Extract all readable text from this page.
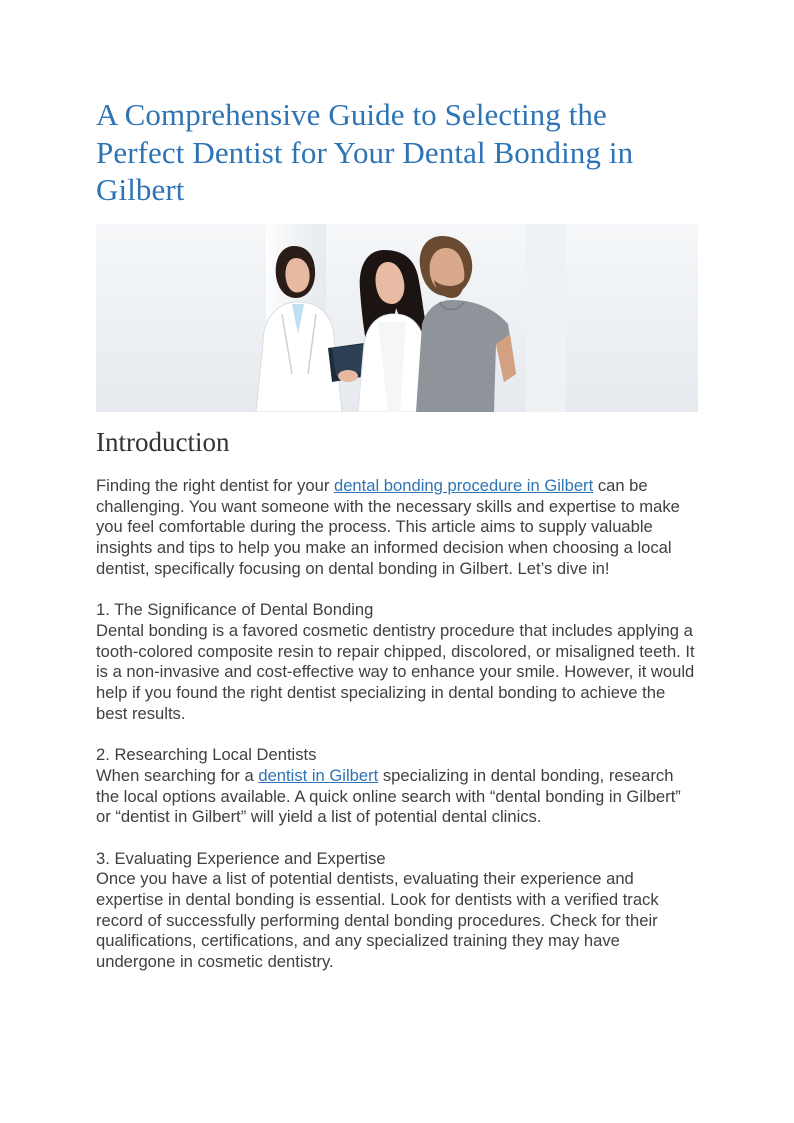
A Comprehensive Guide to Selecting the Perfect Dentist for Your Dental Bonding in Gilbert
Introduction

Finding the right dentist for your dental bonding procedure in Gilbert can be challenging. You want someone with the necessary skills and expertise to make you feel comfortable during the process. This article aims to supply valuable insights and tips to help you make an informed decision when choosing a local dentist, specifically focusing on dental bonding in Gilbert. Let’s dive in!

1. The Significance of Dental Bonding
Dental bonding is a favored cosmetic dentistry procedure that includes applying a tooth-colored composite resin to repair chipped, discolored, or misaligned teeth. It is a non-invasive and cost-effective way to enhance your smile. However, it would help if you found the right dentist specializing in dental bonding to achieve the best results.

2. Researching Local Dentists
When searching for a dentist in Gilbert specializing in dental bonding, research the local options available. A quick online search with “dental bonding in Gilbert” or “dentist in Gilbert” will yield a list of potential dental clinics.

3. Evaluating Experience and Expertise
Once you have a list of potential dentists, evaluating their experience and expertise in dental bonding is essential. Look for dentists with a verified track record of successfully performing dental bonding procedures. Check for their qualifications, certifications, and any specialized training they may have undergone in cosmetic dentistry.
